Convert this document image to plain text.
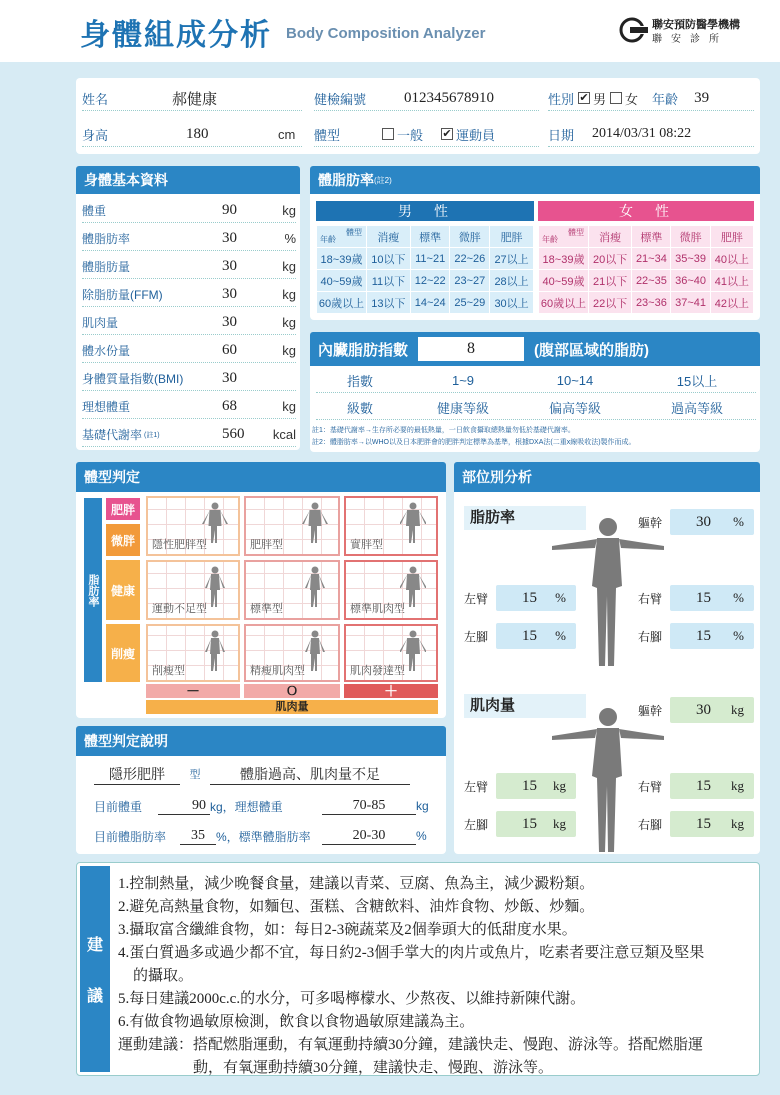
身體組成分析 Body Composition Analyzer	聯安預防醫學機構
聯安診所
姓名	郝健康	健檢編號	012345678910	性別 ✔ 男 女 年齡 39
身高	180	cm 體型	一般 ✔ 運動員	日期	2014/03/31 08:22
身體基本資料
體重	90	kg
體脂肪率	30	%
體脂肪量	30	kg
除脂肪量(FFM)	30	kg
肌肉量	30	kg
體水份量	60	kg
身體質量指數(BMI)	30
理想體重	68	kg
基礎代謝率	560	kcal
(註1)
體脂肪率 (註2)
男　性	女　性
體型
年齡	消瘦	標準	微胖	肥胖
18~39歲	10以下	11~21	22~26	27以上
40~59歲	11以下	12~22	23~27	28以上
60歲以上	13以下	14~24	25~29	30以上
體型
年齡	消瘦	標準	微胖	肥胖
18~39歲	20以下	21~34	35~39	40以上
40~59歲	21以下	22~35	36~40	41以上
60歲以上	22以下	23~36	37~41	42以上
內臟脂肪指數	8	(腹部區域的脂肪)
指數	1~9	10~14	15以上
級數	健康等級	偏高等級	過高等級
註1：基礎代謝率→生存所必要的最低熱量，一日飲食攝取總熱量勿低於基礎代謝率。
註2：體脂肪率→以WHO以及日本肥胖會的肥胖判定標準為基準，根據DXA法(二重x線吸收法)製作而成。
體型判定
脂肪率
肥胖
微胖
健康
削瘦
隱性肥胖型	肥胖型	實胖型
運動不足型	標準型	標準肌肉型
削瘦型	精瘦肌肉型	肌肉發達型
－	Ｏ	＋
肌肉量
體型判定說明
隱形肥胖	型	體脂過高、肌肉量不足
目前體重	90 kg，理想體重	70-85	kg
目前體脂肪率	35 %，標準體脂肪率	20-30	%
部位別分析
脂肪率
肌肉量
軀幹	30 %
左臂	15 %	右臂	15 %
左腳	15 %	右腳	15 %
軀幹	30 kg
左臂	15 kg	右臂	15 kg
左腳	15 kg	右腳	15 kg
建
議
1.控制熱量，減少晚餐食量，建議以青菜、豆腐、魚為主，減少澱粉類。
2.避免高熱量食物，如麵包、蛋糕、含糖飲料、油炸食物、炒飯、炒麵。
3.攝取富含纖維食物，如：每日2-3碗蔬菜及2個拳頭大的低甜度水果。
4.蛋白質過多或過少都不宜，每日約2-3個手掌大的肉片或魚片，吃素者要注意豆類及堅果
　的攝取。
5.每日建議2000c.c.的水分，可多喝檸檬水、少熬夜、以維持新陳代謝。
6.有做食物過敏原檢測，飲食以食物過敏原建議為主。
運動建議：搭配燃脂運動，有氧運動持續30分鐘，建議快走、慢跑、游泳等。搭配燃脂運
　　　　　動，有氧運動持續30分鐘，建議快走、慢跑、游泳等。
